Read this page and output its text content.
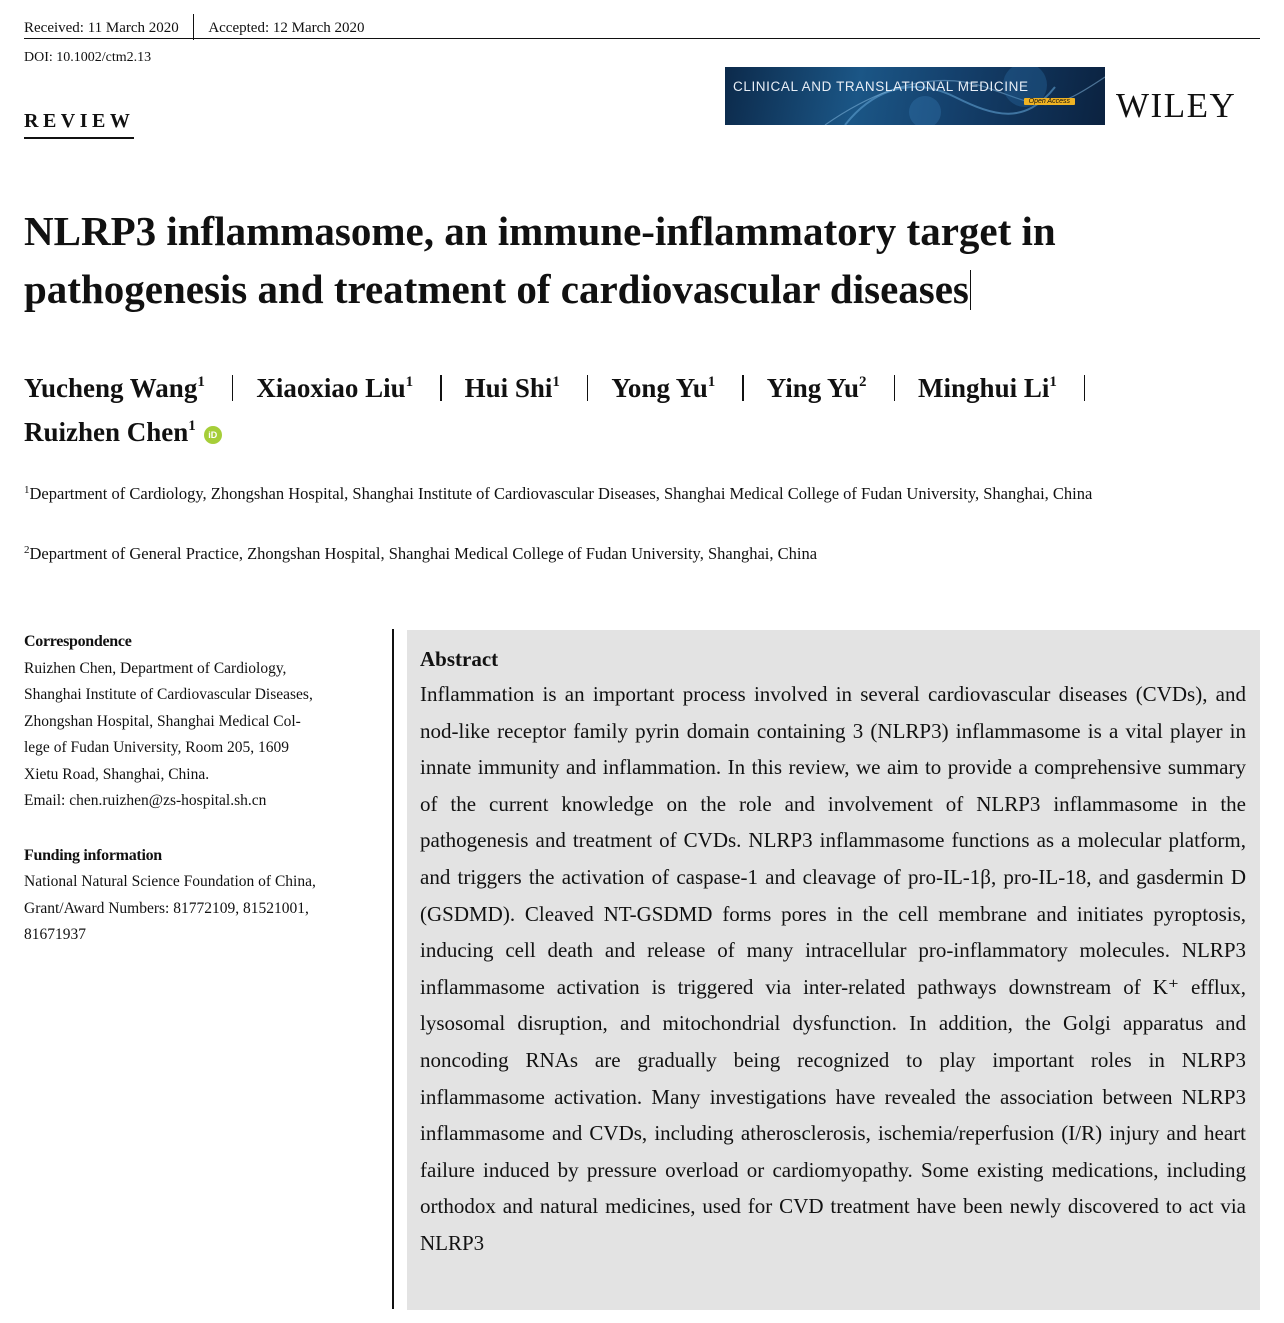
Received: 11 March 2020 Accepted: 12 March 2020
DOI: 10.1002/ctm2.13
REVIEW
CLINICAL AND TRANSLATIONAL MEDICINE
Open Access WILEY
NLRP3 inflammasome, an immune-inflammatory target in
pathogenesis and treatment of cardiovascular diseases
Yucheng Wang$^1$ Xiaoxiao Liu$^1$ Hui Shi$^1$ Yong Yu$^1$ Ying Yu$^2$ Minghui Li$^1$
Ruizhen Chen$^1$iD
$^1$Department of Cardiology, Zhongshan Hospital, Shanghai Institute of Cardiovascular Diseases, Shanghai Medical College of Fudan University, Shanghai, China
$^2$Department of General Practice, Zhongshan Hospital, Shanghai Medical College of Fudan University, Shanghai, China
Correspondence

Ruizhen Chen, Department of Cardiology,
Shanghai Institute of Cardiovascular Diseases,
Zhongshan Hospital, Shanghai Medical Col-
lege of Fudan University, Room 205, 1609
Xietu Road, Shanghai, China.
Email: chen.ruizhen@zs-hospital.sh.cn

Funding information

National Natural Science Foundation of China,
Grant/Award Numbers: 81772109, 81521001,
81671937

Abstract

Inflammation is an important process involved in several cardiovascular diseases (CVDs), and nod-like receptor family pyrin domain containing 3 (NLRP3) inflammasome is a vital player in innate immunity and inflammation. In this review, we aim to provide a comprehensive summary of the current knowledge on the role and involvement of NLRP3 inflammasome in the pathogenesis and treatment of CVDs. NLRP3 inflammasome functions as a molecular platform, and triggers the activation of caspase-1 and cleavage of pro-IL-1β, pro-IL-18, and gasdermin D (GSDMD). Cleaved NT-GSDMD forms pores in the cell membrane and initiates pyroptosis, inducing cell death and release of many intracellular pro-inflammatory molecules. NLRP3 inflammasome activation is triggered via inter-related pathways downstream of K⁺ efflux, lysosomal disruption, and mitochondrial dysfunction. In addition, the Golgi apparatus and noncoding RNAs are gradually being recognized to play important roles in NLRP3 inflammasome activation. Many investigations have revealed the association between NLRP3 inflammasome and CVDs, including atherosclerosis, ischemia/reperfusion (I/R) injury and heart failure induced by pressure overload or cardiomyopathy. Some existing medications, including orthodox and natural medicines, used for CVD treatment have been newly discovered to act via NLRP3
